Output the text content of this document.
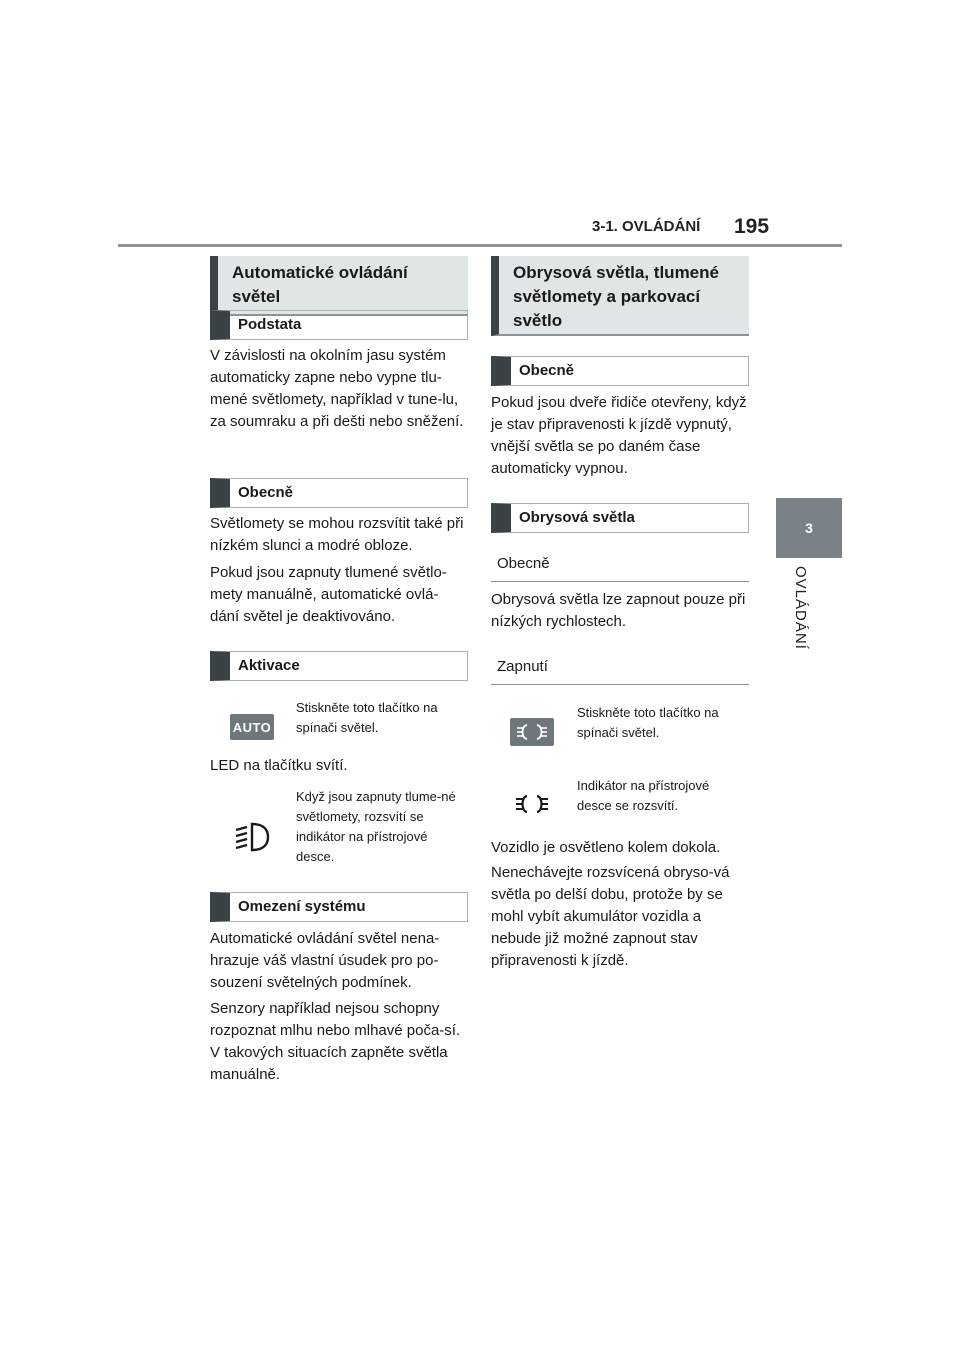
3-1. OVLÁDÁNÍ 195
3
OVLÁDÁNÍ
Automatické ovládání světel
Podstata

V závislosti na okolním jasu systém automaticky zapne nebo vypne tlu-mené světlomety, například v tune-lu, za soumraku a při dešti nebo sněžení.

Obecně

Světlomety se mohou rozsvítit také při nízkém slunci a modré obloze.

Pokud jsou zapnuty tlumené světlo-mety manuálně, automatické ovlá-dání světel je deaktivováno.

Aktivace
AUTO
Stiskněte toto tlačítko na spínači světel.

LED na tlačítku svítí.

Když jsou zapnuty tlume-né světlomety, rozsvítí se indikátor na přístrojové desce.
Omezení systému

Automatické ovládání světel nena-hrazuje váš vlastní úsudek pro po-souzení světelných podmínek.

Senzory například nejsou schopny rozpoznat mlhu nebo mlhavé poča-sí. V takových situacích zapněte světla manuálně.

Obrysová světla, tlumené světlomety a parkovací světlo
Obecně

Pokud jsou dveře řidiče otevřeny, když je stav připravenosti k jízdě vypnutý, vnější světla se po daném čase automaticky vypnou.

Obrysová světla
Obecně

Obrysová světla lze zapnout pouze při nízkých rychlostech.

Zapnutí
Stiskněte toto tlačítko na spínači světel.
Indikátor na přístrojové desce se rozsvítí.

Vozidlo je osvětleno kolem dokola.

Nenechávejte rozsvícená obryso-vá světla po delší dobu, protože by se mohl vybít akumulátor vozidla a nebude již možné zapnout stav připravenosti k jízdě.
